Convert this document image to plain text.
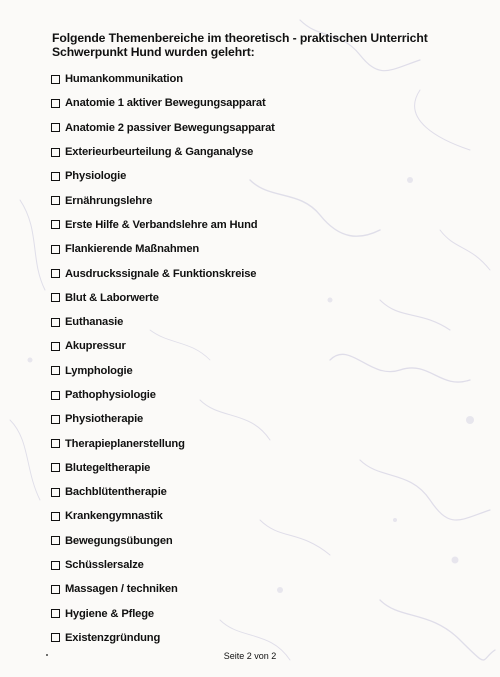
Folgende Themenbereiche im theoretisch - praktischen Unterricht
Schwerpunkt Hund wurden gelehrt:
Humankommunikation
Anatomie 1 aktiver Bewegungsapparat
Anatomie 2 passiver Bewegungsapparat
Exterieurbeurteilung & Ganganalyse
Physiologie
Ernährungslehre
Erste Hilfe & Verbandslehre am Hund
Flankierende Maßnahmen
Ausdruckssignale & Funktionskreise
Blut & Laborwerte
Euthanasie
Akupressur
Lymphologie
Pathophysiologie
Physiotherapie
Therapieplanerstellung
Blutegeltherapie
Bachblütentherapie
Krankengymnastik
Bewegungsübungen
Schüsslersalze
Massagen / techniken
Hygiene & Pflege
Existenzgründung
Seite 2 von 2
